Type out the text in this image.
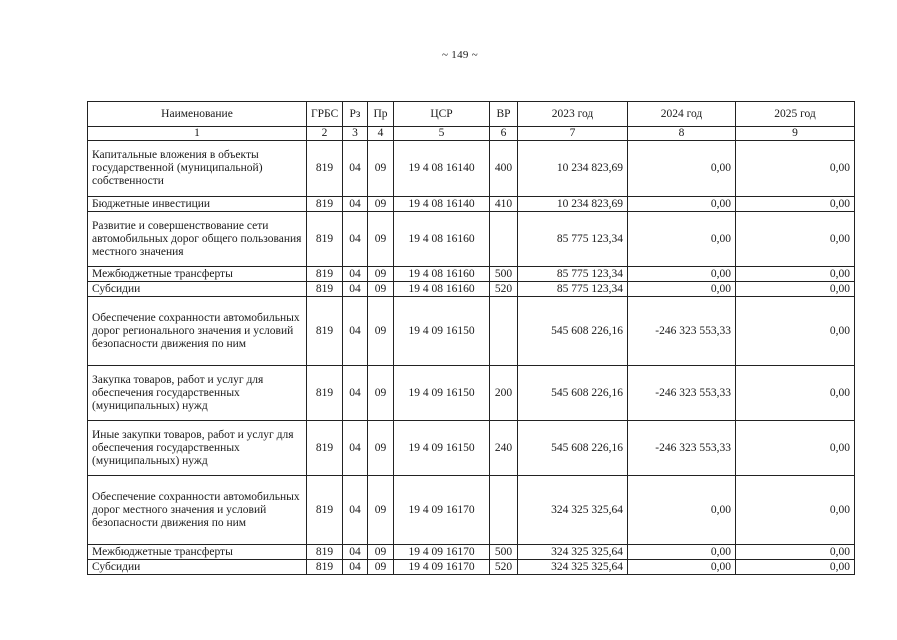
~ 149 ~
Наименование	ГРБС	Рз	Пр	ЦСР	ВР	2023 год	2024 год	2025 год
1	2	3	4	5	6	7	8	9
Капитальные вложения в объекты государственной (муниципальной) собственности	819	04	09	19 4 08 16140	400	10 234 823,69	0,00	0,00
Бюджетные инвестиции	819	04	09	19 4 08 16140	410	10 234 823,69	0,00	0,00
Развитие и совершенствование сети автомобильных дорог общего пользования местного значения	819	04	09	19 4 08 16160		85 775 123,34	0,00	0,00
Межбюджетные трансферты	819	04	09	19 4 08 16160	500	85 775 123,34	0,00	0,00
Субсидии	819	04	09	19 4 08 16160	520	85 775 123,34	0,00	0,00
Обеспечение сохранности автомобильных дорог регионального значения и условий безопасности движения по ним	819	04	09	19 4 09 16150		545 608 226,16	-246 323 553,33	0,00
Закупка товаров, работ и услуг для обеспечения государственных (муниципальных) нужд	819	04	09	19 4 09 16150	200	545 608 226,16	-246 323 553,33	0,00
Иные закупки товаров, работ и услуг для обеспечения государственных (муниципальных) нужд	819	04	09	19 4 09 16150	240	545 608 226,16	-246 323 553,33	0,00
Обеспечение сохранности автомобильных дорог местного значения и условий безопасности движения по ним	819	04	09	19 4 09 16170		324 325 325,64	0,00	0,00
Межбюджетные трансферты	819	04	09	19 4 09 16170	500	324 325 325,64	0,00	0,00
Субсидии	819	04	09	19 4 09 16170	520	324 325 325,64	0,00	0,00
